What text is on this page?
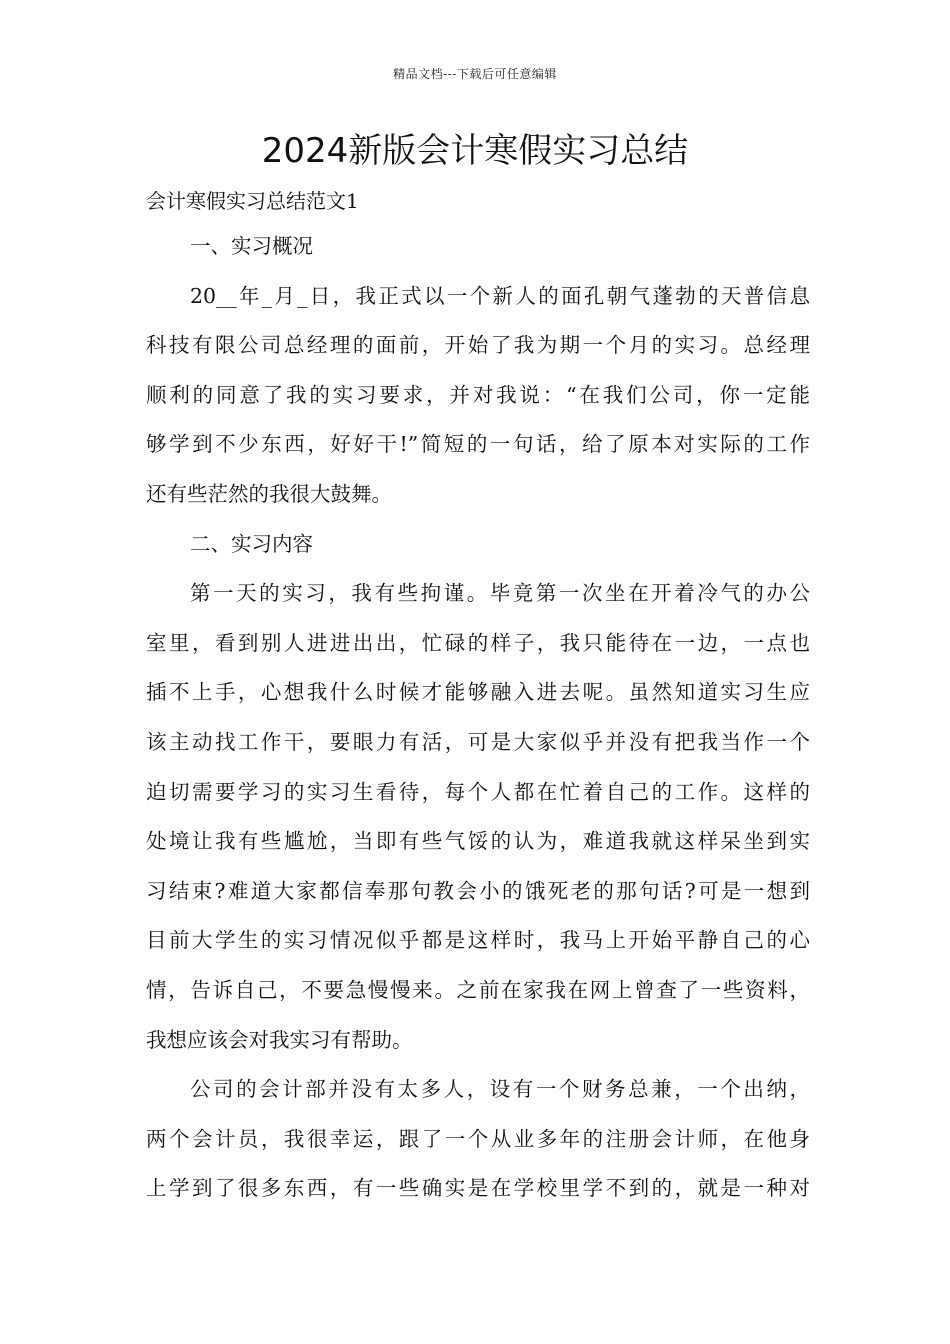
精品文档---下载后可任意编辑
2024新版会计寒假实习总结

会计寒假实习总结范文1

一、实习概况

20__年_月_日，我正式以一个新人的面孔朝气蓬勃的天普信息

科技有限公司总经理的面前，开始了我为期一个月的实习。总经理

顺利的同意了我的实习要求，并对我说：“在我们公司，你一定能

够学到不少东西，好好干!”简短的一句话，给了原本对实际的工作

还有些茫然的我很大鼓舞。

二、实习内容

第一天的实习，我有些拘谨。毕竟第一次坐在开着冷气的办公

室里，看到别人进进出出，忙碌的样子，我只能待在一边，一点也

插不上手，心想我什么时候才能够融入进去呢。虽然知道实习生应

该主动找工作干，要眼力有活，可是大家似乎并没有把我当作一个

迫切需要学习的实习生看待，每个人都在忙着自己的工作。这样的

处境让我有些尴尬，当即有些气馁的认为，难道我就这样呆坐到实

习结束?难道大家都信奉那句教会小的饿死老的那句话?可是一想到

目前大学生的实习情况似乎都是这样时，我马上开始平静自己的心

情，告诉自己，不要急慢慢来。之前在家我在网上曾查了一些资料，

我想应该会对我实习有帮助。

公司的会计部并没有太多人，设有一个财务总兼，一个出纳，

两个会计员，我很幸运，跟了一个从业多年的注册会计师，在他身

上学到了很多东西，有一些确实是在学校里学不到的，就是一种对
